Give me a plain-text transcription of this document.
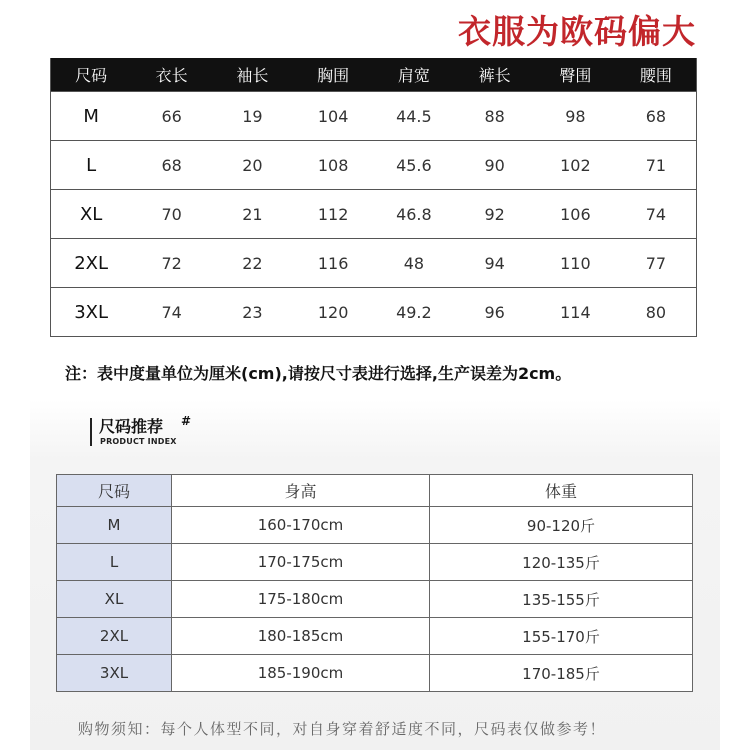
衣服为欧码偏大
尺码	衣长	袖长	胸围	肩宽	裤长	臀围	腰围
M	66	19	104	44.5	88	98	68
L	68	20	108	45.6	90	102	71
XL	70	21	112	46.8	92	106	74
2XL	72	22	116	48	94	110	77
3XL	74	23	120	49.2	96	114	80
注：表中度量单位为厘米(cm),请按尺寸表进行选择,生产误差为2cm。
尺码推荐 #
PRODUCT INDEX
尺码	身高	体重
M	160-170cm	90-120斤
L	170-175cm	120-135斤
XL	175-180cm	135-155斤
2XL	180-185cm	155-170斤
3XL	185-190cm	170-185斤
购物须知：每个人体型不同，对自身穿着舒适度不同，尺码表仅做参考！
